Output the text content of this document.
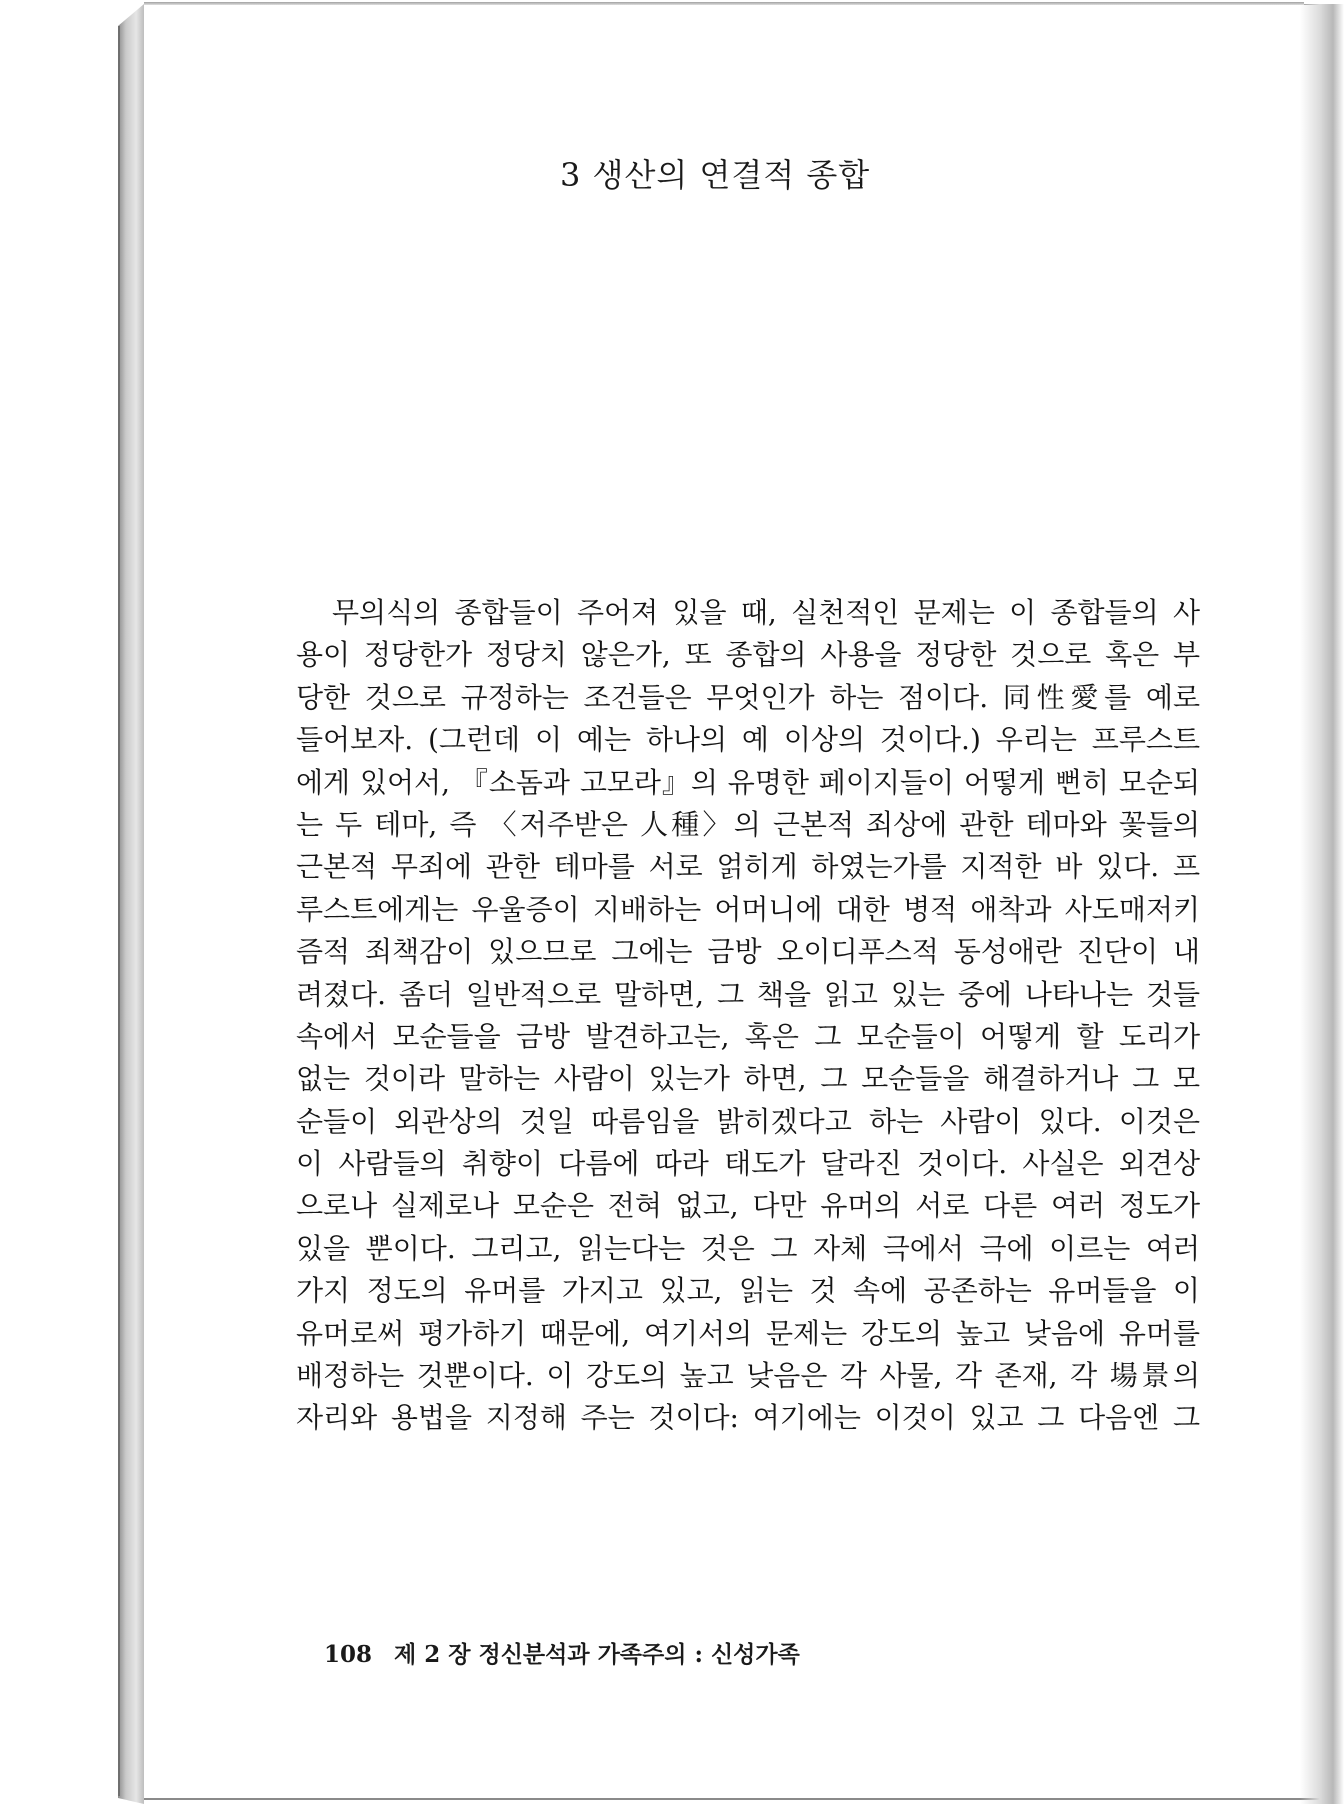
3 생산의 연결적 종합
무의식의 종합들이 주어져 있을 때, 실천적인 문제는 이 종합들의 사
용이 정당한가 정당치 않은가, 또 종합의 사용을 정당한 것으로 혹은 부
당한 것으로 규정하는 조건들은 무엇인가 하는 점이다. 同性愛를 예로
들어보자. (그런데 이 예는 하나의 예 이상의 것이다.) 우리는 프루스트
에게 있어서, 『소돔과 고모라』의 유명한 페이지들이 어떻게 뻔히 모순되
는 두 테마, 즉 〈저주받은 人種〉의 근본적 죄상에 관한 테마와 꽃들의
근본적 무죄에 관한 테마를 서로 얽히게 하였는가를 지적한 바 있다. 프
루스트에게는 우울증이 지배하는 어머니에 대한 병적 애착과 사도매저키
즘적 죄책감이 있으므로 그에는 금방 오이디푸스적 동성애란 진단이 내
려졌다. 좀더 일반적으로 말하면, 그 책을 읽고 있는 중에 나타나는 것들
속에서 모순들을 금방 발견하고는, 혹은 그 모순들이 어떻게 할 도리가
없는 것이라 말하는 사람이 있는가 하면, 그 모순들을 해결하거나 그 모
순들이 외관상의 것일 따름임을 밝히겠다고 하는 사람이 있다. 이것은
이 사람들의 취향이 다름에 따라 태도가 달라진 것이다. 사실은 외견상
으로나 실제로나 모순은 전혀 없고, 다만 유머의 서로 다른 여러 정도가
있을 뿐이다. 그리고, 읽는다는 것은 그 자체 극에서 극에 이르는 여러
가지 정도의 유머를 가지고 있고, 읽는 것 속에 공존하는 유머들을 이
유머로써 평가하기 때문에, 여기서의 문제는 강도의 높고 낮음에 유머를
배정하는 것뿐이다. 이 강도의 높고 낮음은 각 사물, 각 존재, 각 場景의
자리와 용법을 지정해 주는 것이다: 여기에는 이것이 있고 그 다음엔 그
108 제 2 장 정신분석과 가족주의 : 신성가족
